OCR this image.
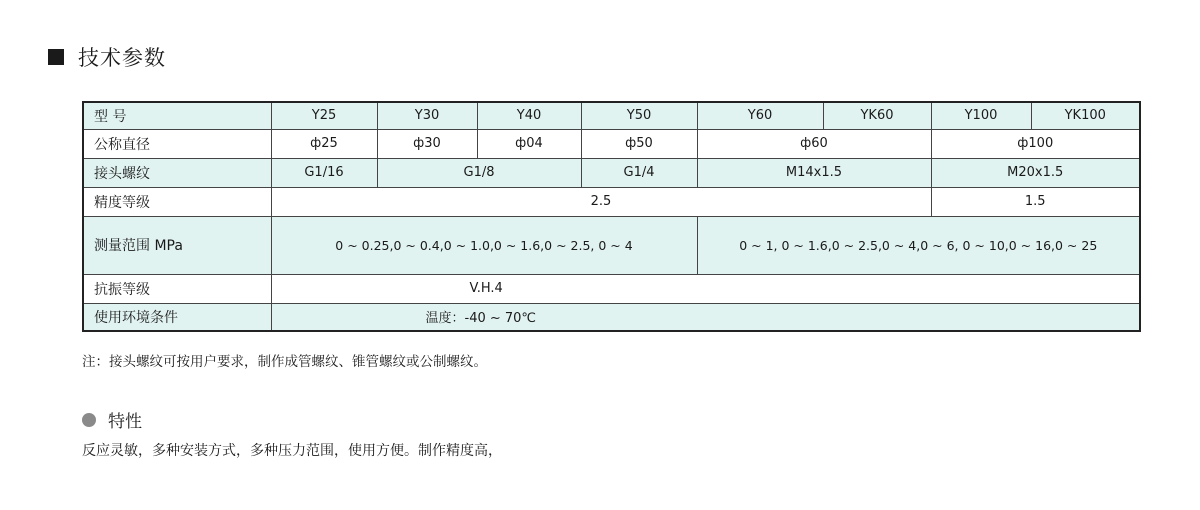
技术参数
型 号	Y25	Y30	Y40	Y50	Y60	YK60	Y100	YK100
公称直径	ф25	ф30	ф04	ф50	ф60		ф100	
接头螺纹	G1/16	G1/8		G1/4	M14x1.5		M20x1.5	
精度等级	2.5						1.5	
测量范围 MPa	0 ~ 0.25,0 ~ 0.4,0 ~ 1.0,0 ~ 1.6,0 ~ 2.5, 0 ~ 4				0 ~ 1, 0 ~ 1.6,0 ~ 2.5,0 ~ 4,0 ~ 6, 0 ~ 10,0 ~ 16,0 ~ 25			
抗振等级	V.H.4							
使用环境条件	温度：-40 ~ 70℃							
注：接头螺纹可按用户要求，制作成管螺纹、锥管螺纹或公制螺纹。
特性
反应灵敏，多种安装方式，多种压力范围，使用方便。制作精度高，
